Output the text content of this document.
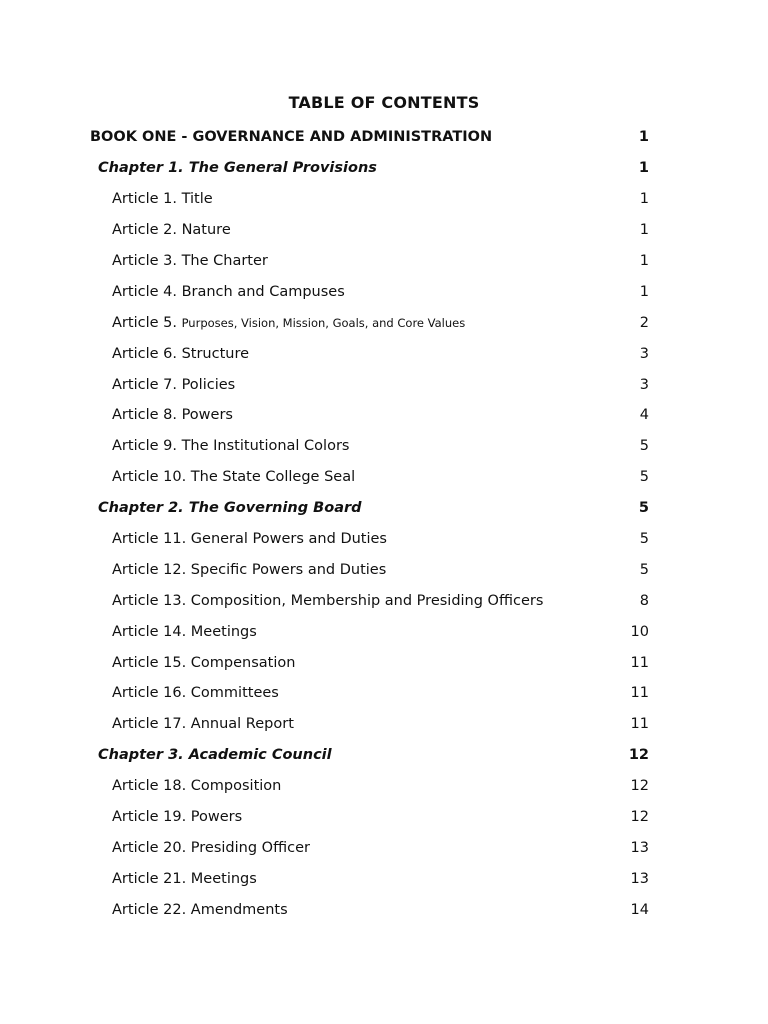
TABLE OF CONTENTS
BOOK ONE - GOVERNANCE AND ADMINISTRATION	1
Chapter 1. The General Provisions	1
Article 1. Title	1
Article 2. Nature	1
Article 3. The Charter	1
Article 4. Branch and Campuses	1
Article 5. Purposes, Vision, Mission, Goals, and Core Values	2
Article 6. Structure	3
Article 7. Policies	3
Article 8. Powers	4
Article 9. The Institutional Colors	5
Article 10. The State College Seal	5
Chapter 2. The Governing Board	5
Article 11. General Powers and Duties	5
Article 12. Specific Powers and Duties	5
Article 13. Composition, Membership and Presiding Officers	8
Article 14. Meetings	10
Article 15. Compensation	11
Article 16. Committees	11
Article 17. Annual Report	11
Chapter 3. Academic Council	12
Article 18. Composition	12
Article 19. Powers	12
Article 20. Presiding Officer	13
Article 21. Meetings	13
Article 22. Amendments	14
